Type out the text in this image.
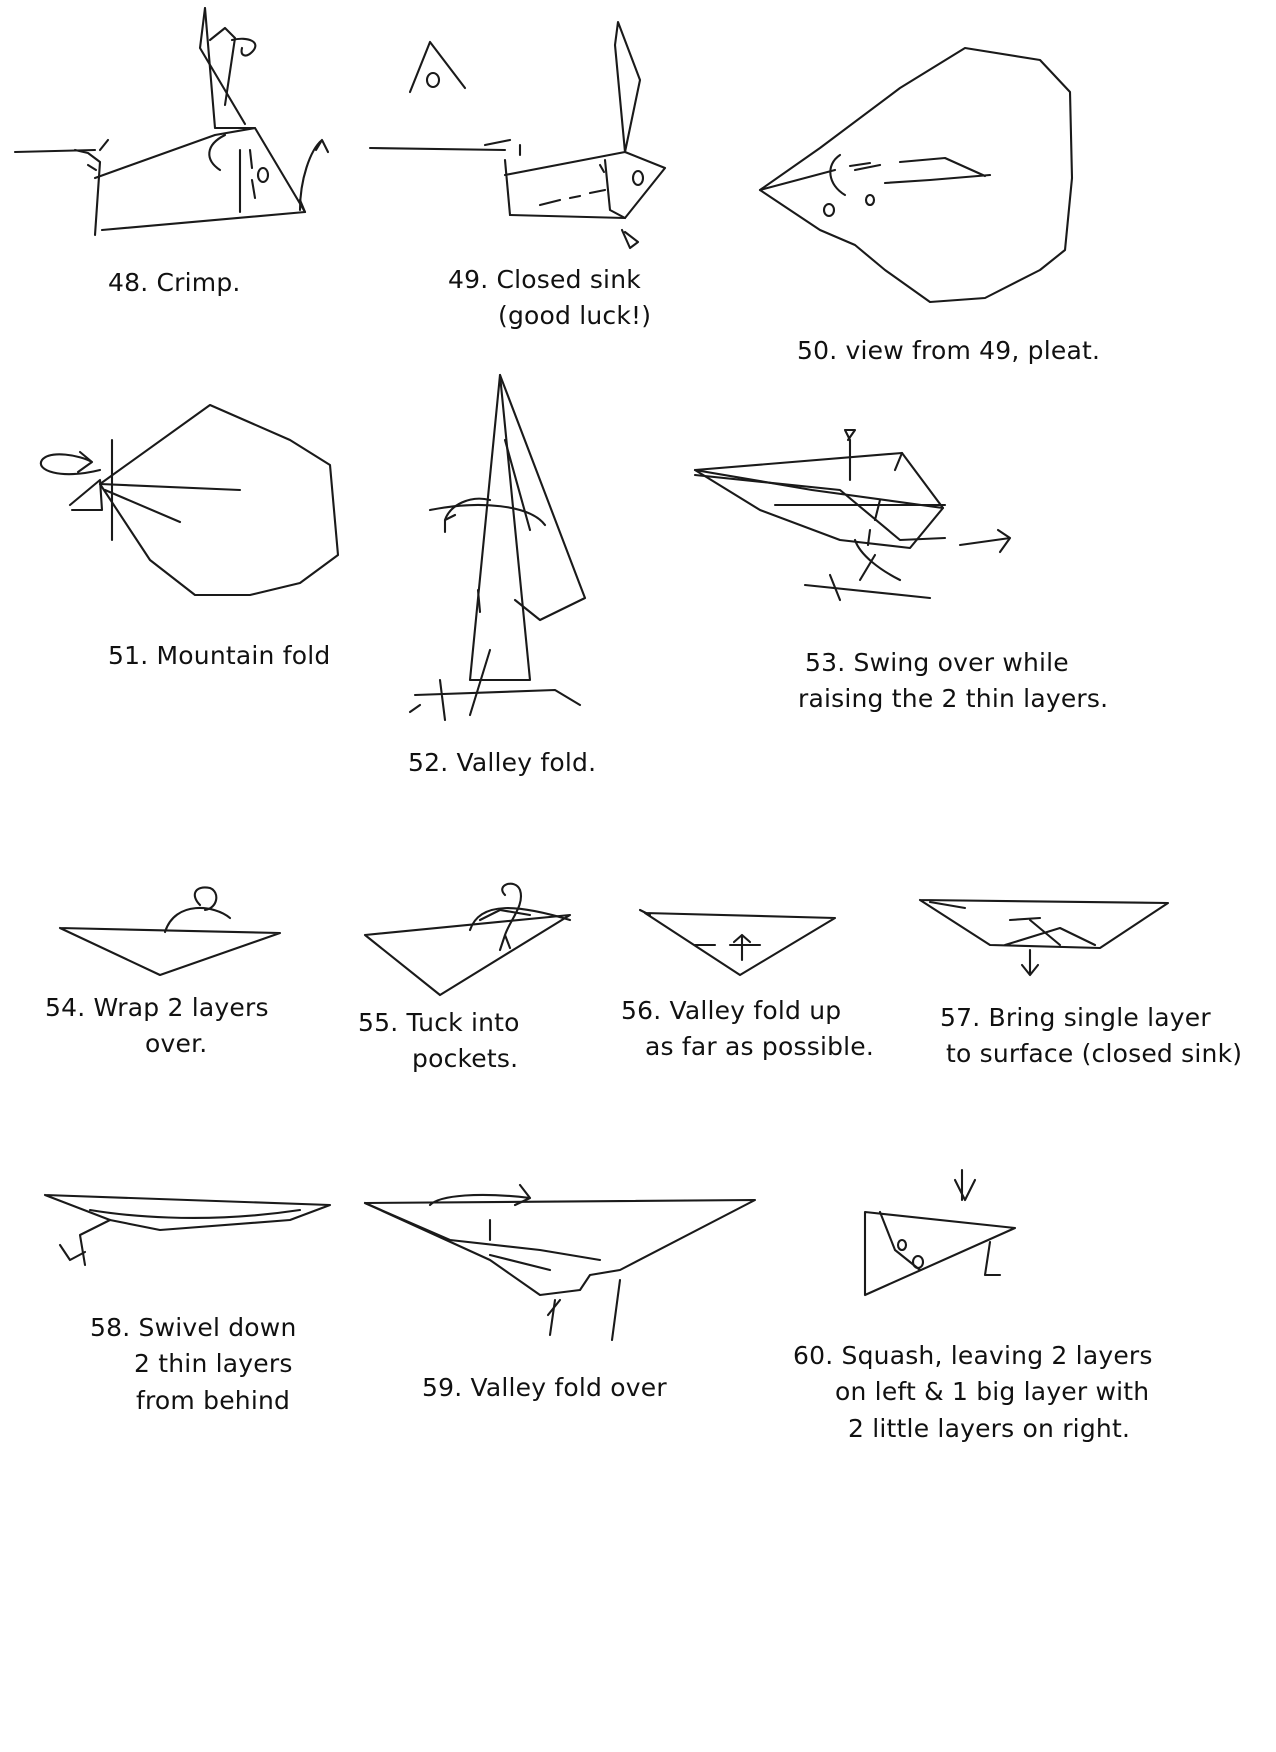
48. Crimp.	49. Closed sink
(good luck!)
50. view from 49, pleat.
51. Mountain fold
52. Valley fold.
53. Swing over while
raising the 2 thin layers.
54. Wrap 2 layers
over.
55. Tuck into
pockets.
56. Valley fold up
as far as possible.
57. Bring single layer
to surface (closed sink)
58. Swivel down
2 thin layers
from behind	59. Valley fold over
60. Squash, leaving 2 layers
on left & 1 big layer with
2 little layers on right.
